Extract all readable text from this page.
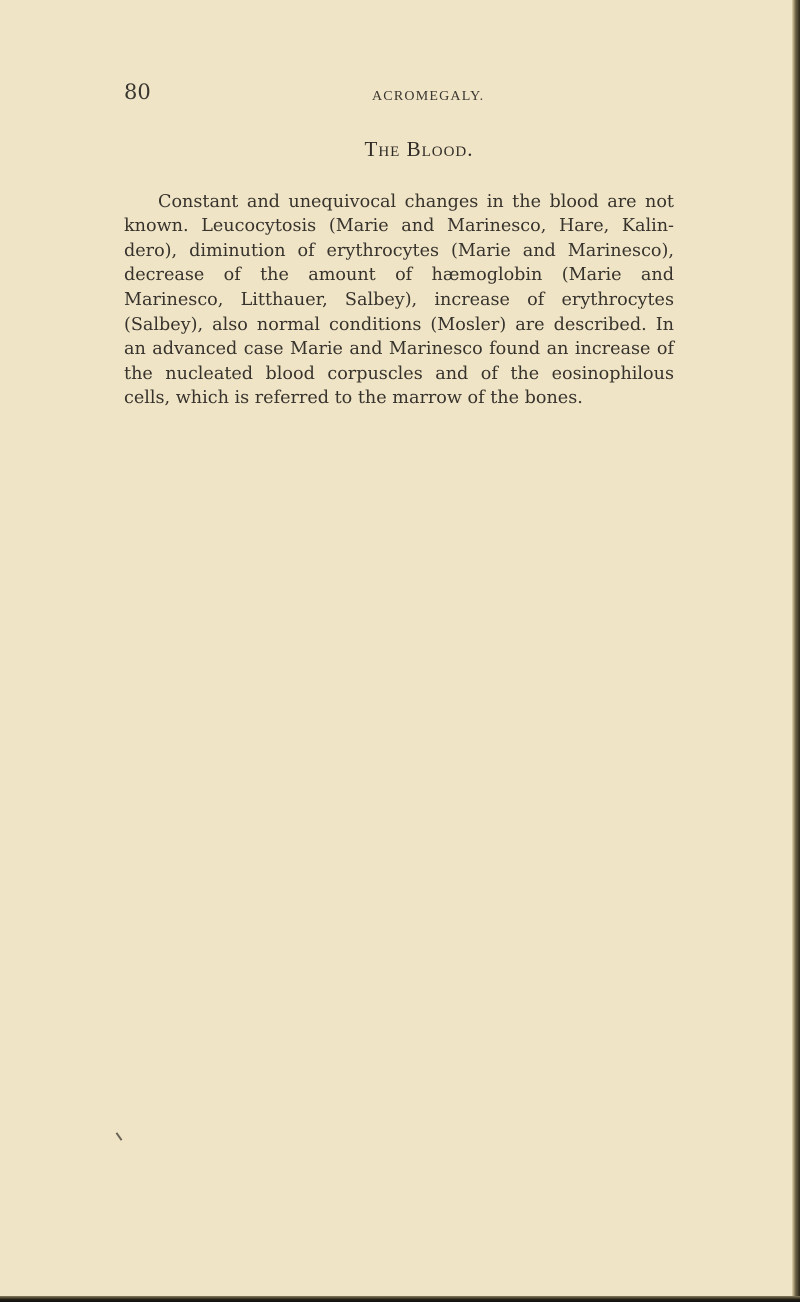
80	ACROMEGALY.
The Blood.

Constant and unequivocal changes in the blood are not known. Leucocytosis (Marie and Marinesco, Hare, Kalindero), diminution of erythrocytes (Marie and Marinesco), decrease of the amount of hæmoglobin (Marie and Marinesco, Litthauer, Salbey), increase of erythrocytes (Salbey), also normal conditions (Mosler) are described. In an advanced case Marie and Marinesco found an increase of the nucleated blood corpuscles and of the eosinophilous cells, which is referred to the marrow of the bones.
